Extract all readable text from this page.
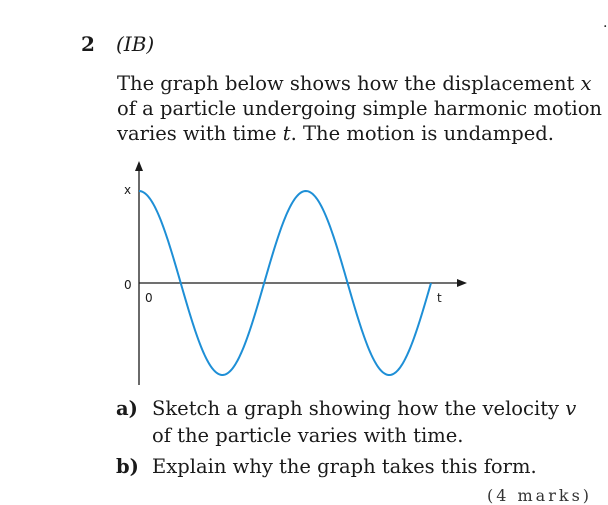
2 (IB)

The graph below shows how the displacement x

of a particle undergoing simple harmonic motion

varies with time t. The motion is undamped.

x
0
0	t
a) Sketch a graph showing how the velocity v
of the particle varies with time.
b) Explain why the graph takes this form.
(4 marks)
.
